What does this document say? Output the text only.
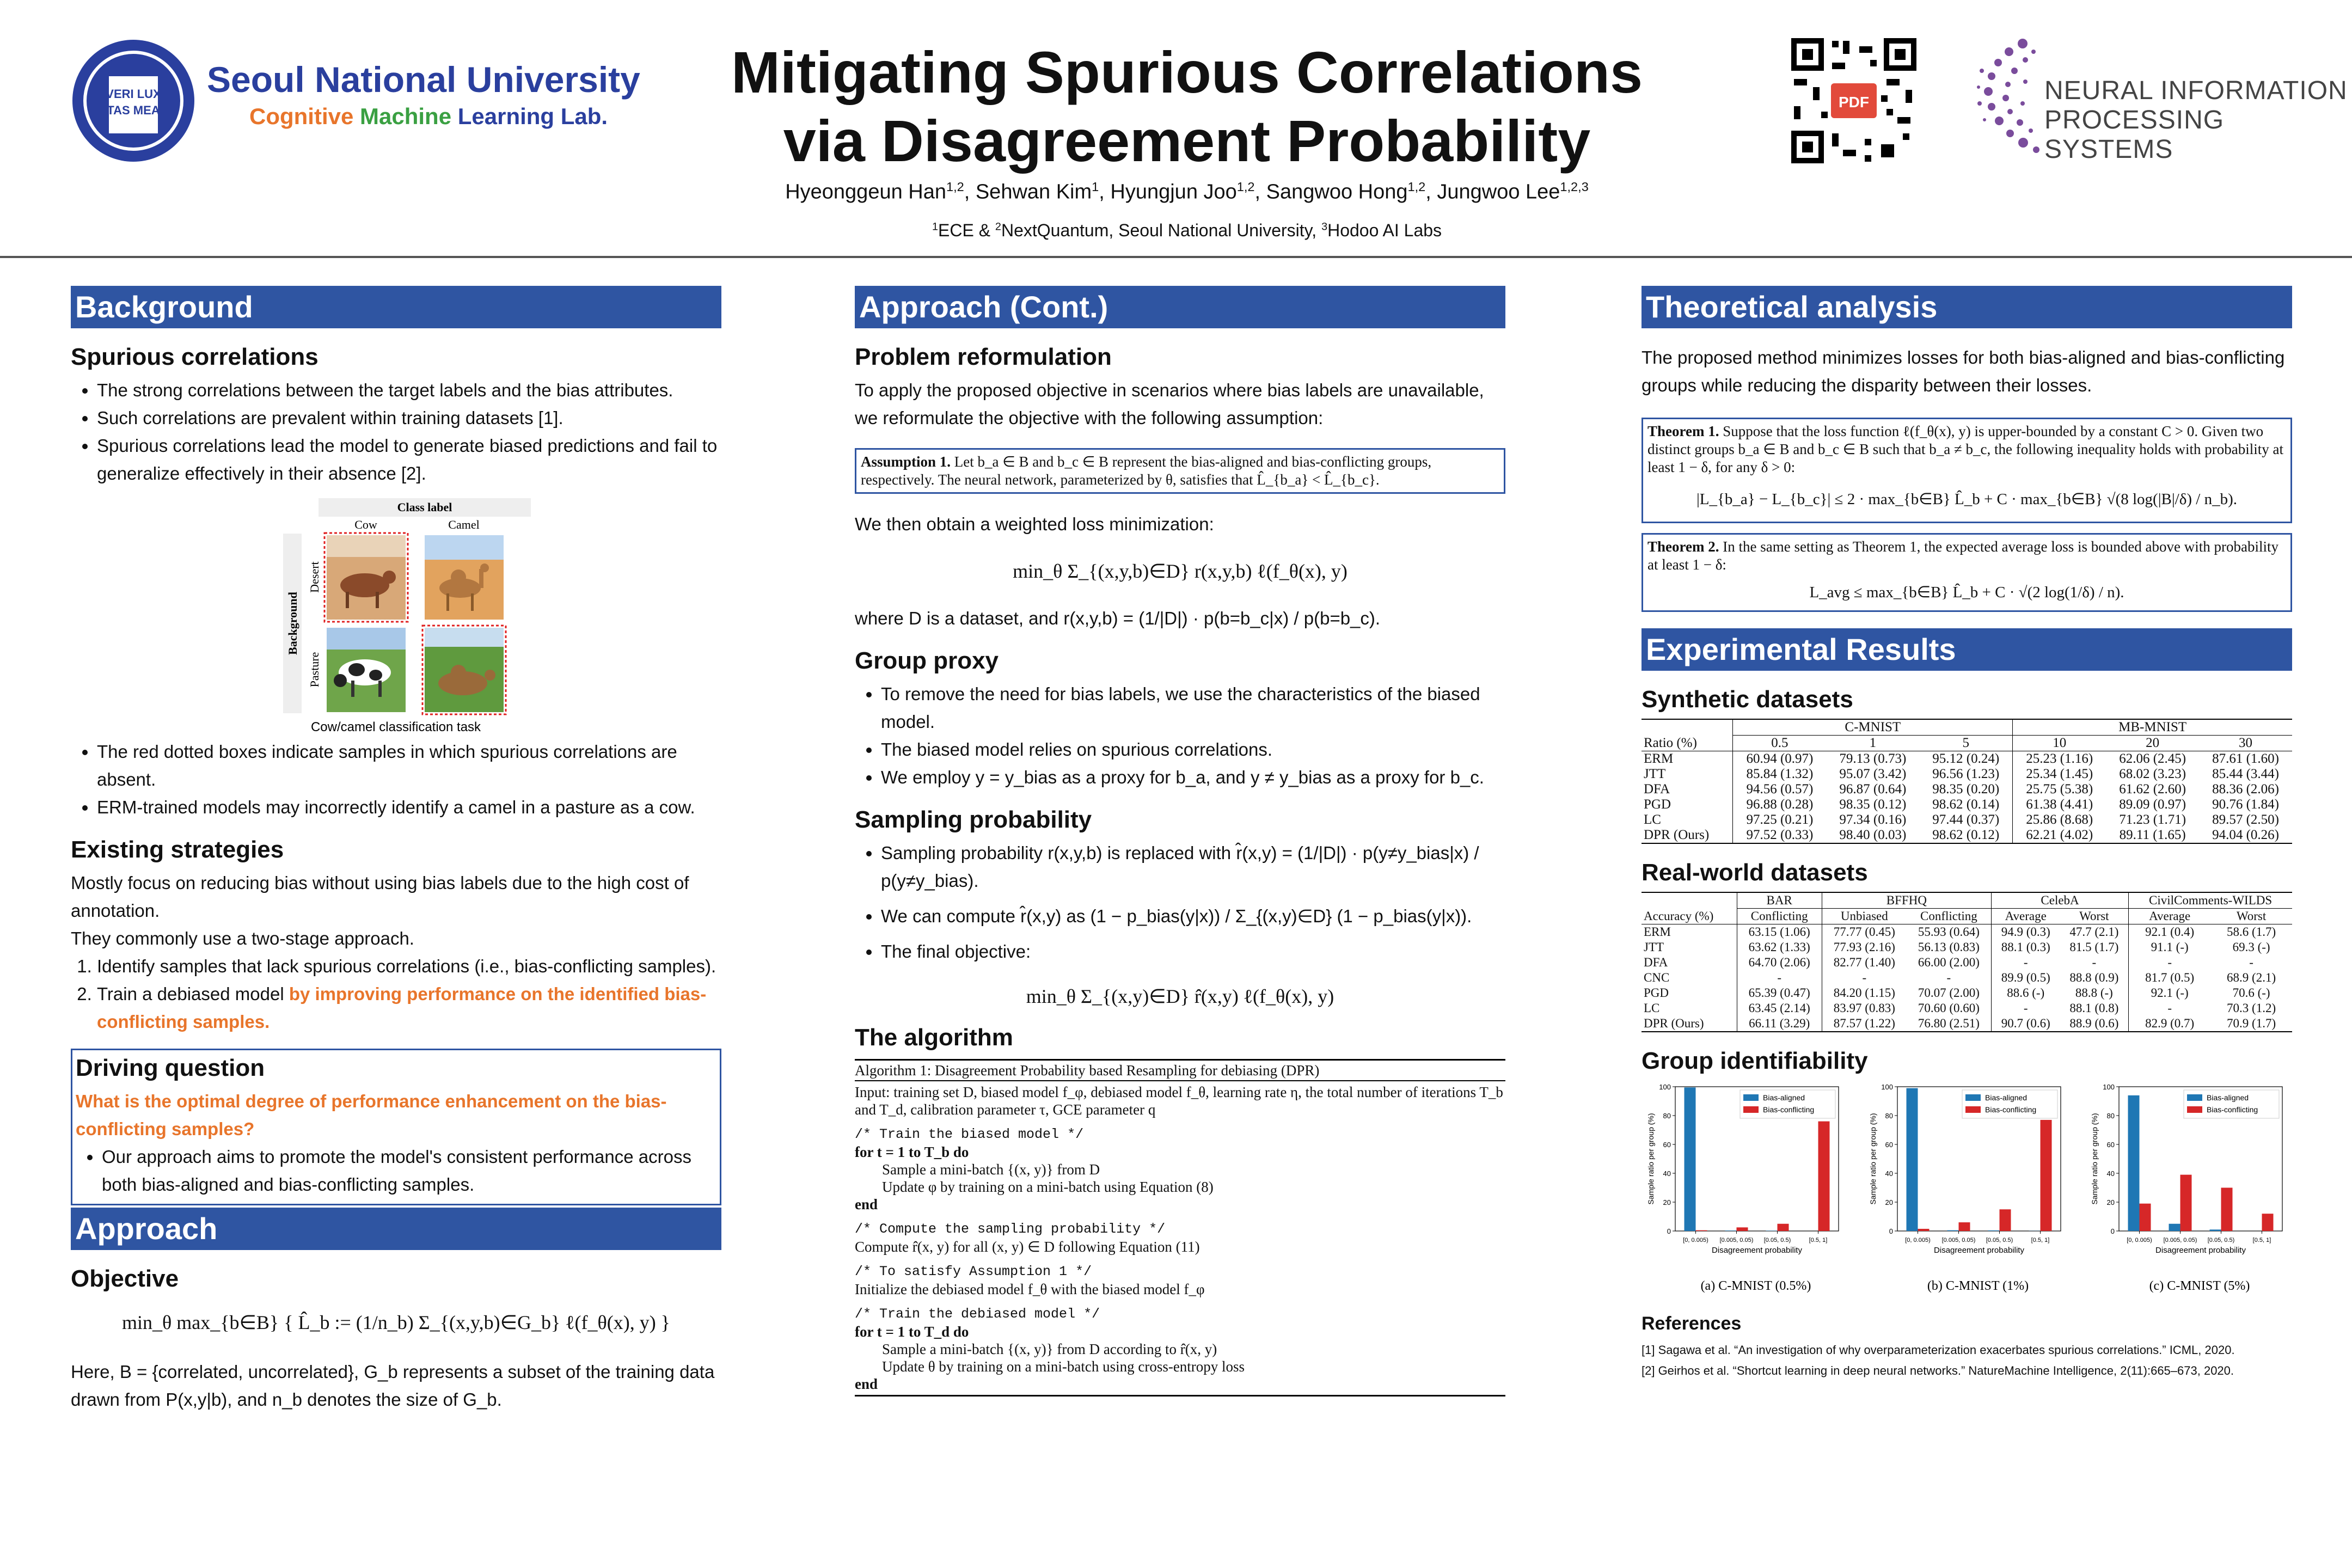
VERI LUX
TAS MEA
Seoul National University
Cognitive Machine Learning Lab.
Mitigating Spurious Correlations
via Disagreement Probability
Hyeonggeun Han$^{1,2}$, Sehwan Kim$^1$, Hyungjun Joo$^{1,2}$, Sangwoo Hong$^{1,2}$, Jungwoo Lee$^{1,2,3}$
$^1$ECE & $^2$NextQuantum, Seoul National University, $^3$Hodoo AI Labs
PDF	NEURAL INFORMATION
PROCESSING SYSTEMS
Background
Spurious correlations
• The strong correlations between the target labels and the bias attributes.
• Such correlations are prevalent within training datasets [1].
• Spurious correlations lead the model to generate biased predictions and fail to generalize effectively in their absence [2].
Class label
Cow	Camel
Background
Desert
Pasture
Cow/camel classification task
• The red dotted boxes indicate samples in which spurious correlations are absent.
• ERM-trained models may incorrectly identify a camel in a pasture as a cow.
Existing strategies
Mostly focus on reducing bias without using bias labels due to the high cost of annotation.
They commonly use a two-stage approach.
1. Identify samples that lack spurious correlations (i.e., bias-conflicting samples).
2. Train a debiased model by improving performance on the identified bias-conflicting samples.
Driving question
What is the optimal degree of performance enhancement on the bias-conflicting samples?
• Our approach aims to promote the model's consistent performance across both bias-aligned and bias-conflicting samples.
Approach
Objective
min_θ max_{b∈B} { L̂_b := (1/n_b) Σ_{(x,y,b)∈G_b} ℓ(f_θ(x), y) }
Here, B = {correlated, uncorrelated}, G_b represents a subset of the training data drawn from P(x,y|b), and n_b denotes the size of G_b.
Approach (Cont.)
Problem reformulation
To apply the proposed objective in scenarios where bias labels are unavailable, we reformulate the objective with the following assumption:
Assumption 1. Let b_a ∈ B and b_c ∈ B represent the bias-aligned and bias-conflicting groups, respectively. The neural network, parameterized by θ, satisfies that L̂_{b_a} < L̂_{b_c}.
We then obtain a weighted loss minimization:
min_θ Σ_{(x,y,b)∈D} r(x,y,b) ℓ(f_θ(x), y)
where D is a dataset, and r(x,y,b) = (1/|D|) · p(b=b_c|x) / p(b=b_c).
Group proxy
• To remove the need for bias labels, we use the characteristics of the biased model.
• The biased model relies on spurious correlations.
• We employ y = y_bias as a proxy for b_a, and y ≠ y_bias as a proxy for b_c.
Sampling probability
• Sampling probability r(x,y,b) is replaced with r̂(x,y) = (1/|D|) · p(y≠y_bias|x) / p(y≠y_bias).
• We can compute r̂(x,y) as (1 − p_bias(y|x)) / Σ_{(x,y)∈D} (1 − p_bias(y|x)).
• The final objective:
min_θ Σ_{(x,y)∈D} r̂(x,y) ℓ(f_θ(x), y)
The algorithm
Algorithm 1: Disagreement Probability based Resampling for debiasing (DPR)
Input: training set D, biased model f_φ, debiased model f_θ, learning rate η, the total number of iterations T_b and T_d, calibration parameter τ, GCE parameter q
/* Train the biased model */
for t = 1 to T_b do
Sample a mini-batch {(x, y)} from D
Update φ by training on a mini-batch using Equation (8)
end
/* Compute the sampling probability */
Compute r̂(x, y) for all (x, y) ∈ D following Equation (11)
/* To satisfy Assumption 1 */
Initialize the debiased model f_θ with the biased model f_φ
/* Train the debiased model */
for t = 1 to T_d do
Sample a mini-batch {(x, y)} from D according to r̂(x, y)
Update θ by training on a mini-batch using cross-entropy loss
end
Theoretical analysis
The proposed method minimizes losses for both bias-aligned and bias-conflicting groups while reducing the disparity between their losses.
Theorem 1. Suppose that the loss function ℓ(f_θ(x), y) is upper-bounded by a constant C > 0. Given two distinct groups b_a ∈ B and b_c ∈ B such that b_a ≠ b_c, the following inequality holds with probability at least 1 − δ, for any δ > 0:
|L_{b_a} − L_{b_c}| ≤ 2 · max_{b∈B} L̂_b + C · max_{b∈B} √(8 log(|B|/δ) / n_b).
Theorem 2. In the same setting as Theorem 1, the expected average loss is bounded above with probability at least 1 − δ:
L_avg ≤ max_{b∈B} L̂_b + C · √(2 log(1/δ) / n).
Experimental Results
Synthetic datasets
	C-MNIST			MB-MNIST		
Ratio (%)	0.5	1	5	10	20	30
ERM	60.94 (0.97)	79.13 (0.73)	95.12 (0.24)	25.23 (1.16)	62.06 (2.45)	87.61 (1.60)
JTT	85.84 (1.32)	95.07 (3.42)	96.56 (1.23)	25.34 (1.45)	68.02 (3.23)	85.44 (3.44)
DFA	94.56 (0.57)	96.87 (0.64)	98.35 (0.20)	25.75 (5.38)	61.62 (2.60)	88.36 (2.06)
PGD	96.88 (0.28)	98.35 (0.12)	98.62 (0.14)	61.38 (4.41)	89.09 (0.97)	90.76 (1.84)
LC	97.25 (0.21)	97.34 (0.16)	97.44 (0.37)	25.86 (8.68)	71.23 (1.71)	89.57 (2.50)
DPR (Ours)	97.52 (0.33)	98.40 (0.03)	98.62 (0.12)	62.21 (4.02)	89.11 (1.65)	94.04 (0.26)
Real-world datasets
	BAR	BFFHQ		CelebA		CivilComments-WILDS	
Accuracy (%)	Conflicting	Unbiased	Conflicting	Average	Worst	Average	Worst
ERM	63.15 (1.06)	77.77 (0.45)	55.93 (0.64)	94.9 (0.3)	47.7 (2.1)	92.1 (0.4)	58.6 (1.7)
JTT	63.62 (1.33)	77.93 (2.16)	56.13 (0.83)	88.1 (0.3)	81.5 (1.7)	91.1 (-)	69.3 (-)
DFA	64.70 (2.06)	82.77 (1.40)	66.00 (2.00)	-	-	-	-
CNC	-	-	-	89.9 (0.5)	88.8 (0.9)	81.7 (0.5)	68.9 (2.1)
PGD	65.39 (0.47)	84.20 (1.15)	70.07 (2.00)	88.6 (-)	88.8 (-)	92.1 (-)	70.6 (-)
LC	63.45 (2.14)	83.97 (0.83)	70.60 (0.60)	-	88.1 (0.8)	-	70.3 (1.2)
DPR (Ours)	66.11 (3.29)	87.57 (1.22)	76.80 (2.51)	90.7 (0.6)	88.9 (0.6)	82.9 (0.7)	70.9 (1.7)
Group identifiability
0
20
40
60
80
100
Sample ratio per group (%)
[0, 0.005) [0.005, 0.05) [0.05, 0.5)	[0.5, 1]
Disagreement probability
Bias-aligned
Bias-conflicting
(a) C-MNIST (0.5%)
0
20
40
60
80
100
Sample ratio per group (%)
[0, 0.005) [0.005, 0.05) [0.05, 0.5)	[0.5, 1]
Disagreement probability
Bias-aligned
Bias-conflicting
(b) C-MNIST (1%)
0
20
40
60
80
100
Sample ratio per group (%)
[0, 0.005) [0.005, 0.05) [0.05, 0.5)	[0.5, 1]
Disagreement probability
Bias-aligned
Bias-conflicting
(c) C-MNIST (5%)
References
[1] Sagawa et al. “An investigation of why overparameterization exacerbates spurious correlations.” ICML, 2020.
[2] Geirhos et al. “Shortcut learning in deep neural networks.” NatureMachine Intelligence, 2(11):665–673, 2020.
